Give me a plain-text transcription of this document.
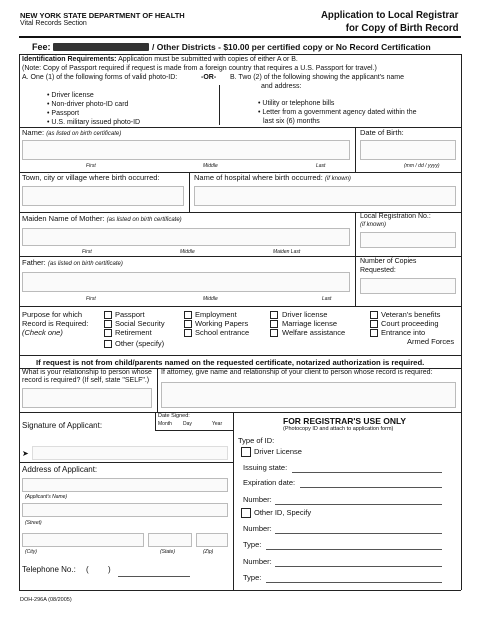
NEW YORK STATE DEPARTMENT OF HEALTH
Vital Records Section
Application to Local Registrar
for Copy of Birth Record
Fee:	/ Other Districts - $10.00 per certified copy or No Record Certification
Identification Requirements: Application must be submitted with copies of either A or B.
(Note: Copy of Passport required if request is made from a foreign country that requires a U.S. Passport for travel.)
A. One (1) of the following forms of valid photo-ID:	-OR- B. Two (2) of the following showing the applicant's name
and address:
• Driver license
• Non-driver photo-ID card
• Passport
• U.S. military issued photo-ID
• Utility or telephone bills
• Letter from a government agency dated within the
last six (6) months
Name: (as listed on birth certificate)	Date of Birth:
First	Middle	Last	(mm / dd / yyyy)
Town, city or village where birth occurred:	Name of hospital where birth occurred: (if known)
Maiden Name of Mother: (as listed on birth certificate)	Local Registration No.:
(if known)
First	Middle	Maiden Last
Father: (as listed on birth certificate)	Number of Copies
Requested:
First	Middle	Last
Purpose for which
Record is Required:
(Check one)
Passport
Social Security
Retirement
Other (specify)
Employment
Working Papers
School entrance
Driver license
Marriage license
Welfare assistance
Veteran's benefits
Court proceeding
Entrance into
Armed Forces
If request is not from child/parents named on the requested certificate, notarized authorization is required.
What is your relationship to person whose
record is required? (If self, state "SELF".)
If attorney, give name and relationship of your client to person whose record is required:
Signature of Applicant:
Date Signed:
Month Day	Year
➤
Address of Applicant:
(Applicant's Name)
(Street)
(City)	(State)	(Zip)
Telephone No.: ( )
FOR REGISTRAR'S USE ONLY
(Photocopy ID and attach to application form)
Type of ID:
Driver License
Issuing state:
Expiration date:
Number:
Other ID, Specify
Number:
Type:
Number:
Type:
DOH-296A (08/2005)
